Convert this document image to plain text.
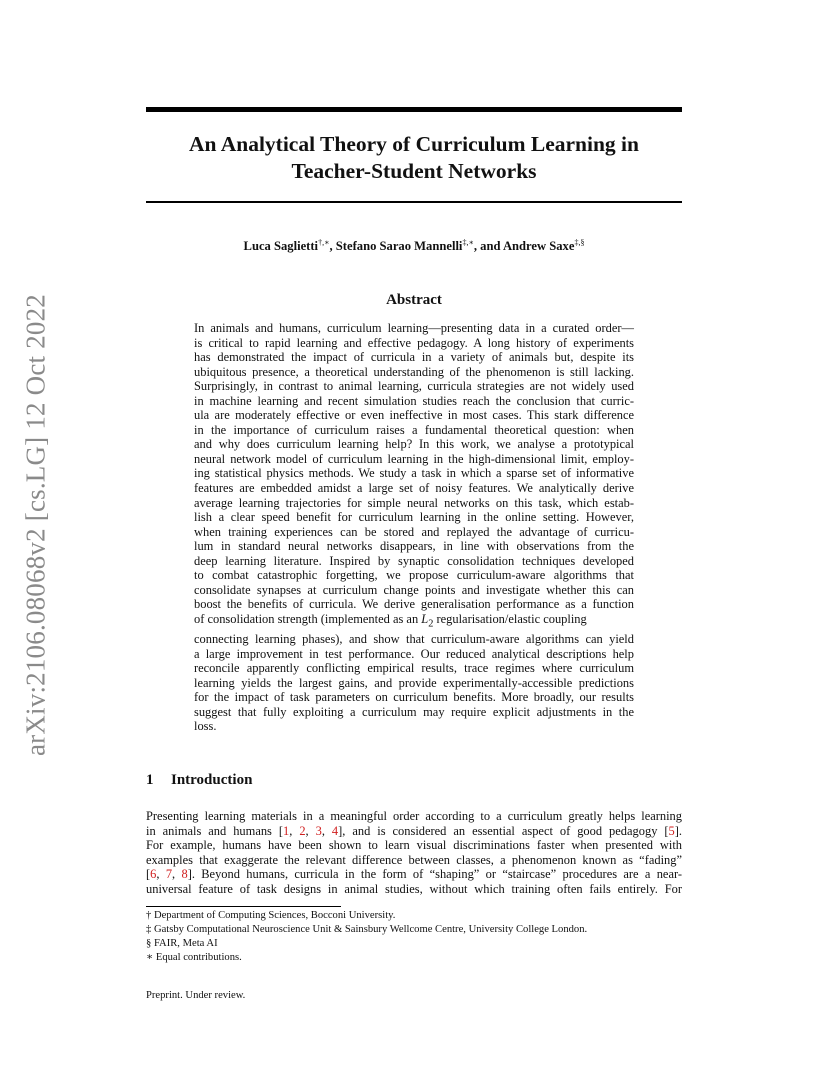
arXiv:2106.08068v2 [cs.LG] 12 Oct 2022
An Analytical Theory of Curriculum Learning in
Teacher-Student Networks
Luca Saglietti†,∗, Stefano Sarao Mannelli‡,∗, and Andrew Saxe‡,§
Abstract
In animals and humans, curriculum learning—presenting data in a curated order—
is critical to rapid learning and effective pedagogy. A long history of experiments
has demonstrated the impact of curricula in a variety of animals but, despite its
ubiquitous presence, a theoretical understanding of the phenomenon is still lacking.
Surprisingly, in contrast to animal learning, curricula strategies are not widely used
in machine learning and recent simulation studies reach the conclusion that curric-
ula are moderately effective or even ineffective in most cases. This stark difference
in the importance of curriculum raises a fundamental theoretical question: when
and why does curriculum learning help? In this work, we analyse a prototypical
neural network model of curriculum learning in the high-dimensional limit, employ-
ing statistical physics methods. We study a task in which a sparse set of informative
features are embedded amidst a large set of noisy features. We analytically derive
average learning trajectories for simple neural networks on this task, which estab-
lish a clear speed benefit for curriculum learning in the online setting. However,
when training experiences can be stored and replayed the advantage of curricu-
lum in standard neural networks disappears, in line with observations from the
deep learning literature. Inspired by synaptic consolidation techniques developed
to combat catastrophic forgetting, we propose curriculum-aware algorithms that
consolidate synapses at curriculum change points and investigate whether this can
boost the benefits of curricula. We derive generalisation performance as a function
of consolidation strength (implemented as an $L_2$ regularisation/elastic coupling
connecting learning phases), and show that curriculum-aware algorithms can yield
a large improvement in test performance. Our reduced analytical descriptions help
reconcile apparently conflicting empirical results, trace regimes where curriculum
learning yields the largest gains, and provide experimentally-accessible predictions
for the impact of task parameters on curriculum benefits. More broadly, our results
suggest that fully exploiting a curriculum may require explicit adjustments in the
loss.
1 Introduction
Presenting learning materials in a meaningful order according to a curriculum greatly helps learning
in animals and humans [1, 2, 3, 4], and is considered an essential aspect of good pedagogy [5].
For example, humans have been shown to learn visual discriminations faster when presented with
examples that exaggerate the relevant difference between classes, a phenomenon known as “fading”
[6, 7, 8]. Beyond humans, curricula in the form of “shaping” or “staircase” procedures are a near-
universal feature of task designs in animal studies, without which training often fails entirely. For
† Department of Computing Sciences, Bocconi University.
‡ Gatsby Computational Neuroscience Unit & Sainsbury Wellcome Centre, University College London.
§ FAIR, Meta AI
∗ Equal contributions.

Preprint. Under review.
